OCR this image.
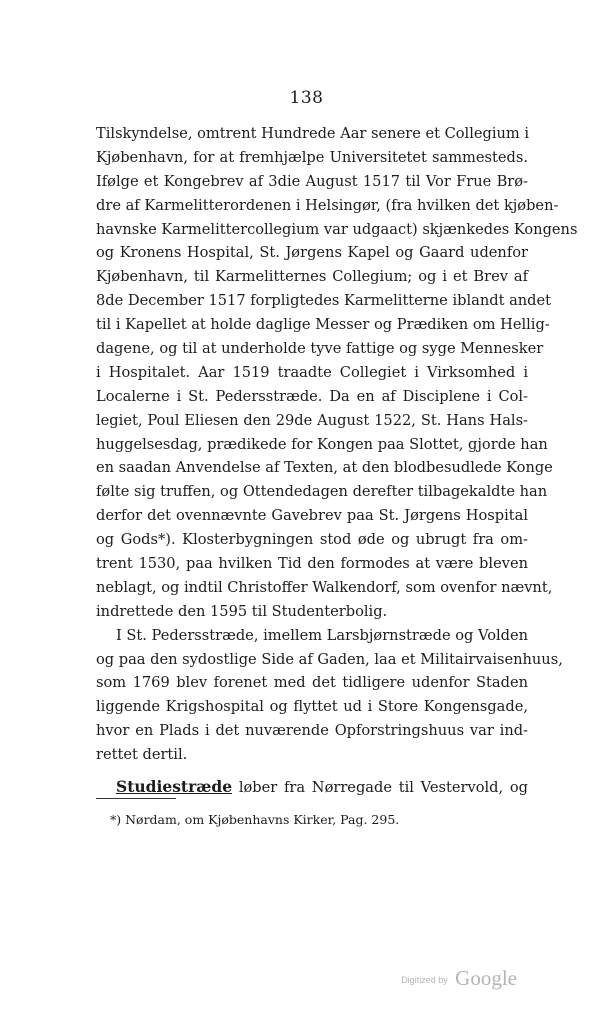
138
Tilskyndelse, omtrent Hundrede Aar senere et Collegium i
Kjøbenhavn, for at fremhjælpe Universitetet sammesteds.
Ifølge et Kongebrev af 3die August 1517 til Vor Frue Brø-
dre af Karmelitterordenen i Helsingør, (fra hvilken det kjøben-
havnske Karmelittercollegium var udgaact) skjænkedes Kongens
og Kronens Hospital, St. Jørgens Kapel og Gaard udenfor
Kjøbenhavn, til Karmelitternes Collegium; og i et Brev af
8de December 1517 forpligtedes Karmelitterne iblandt andet
til i Kapellet at holde daglige Messer og Prædiken om Hellig-
dagene, og til at underholde tyve fattige og syge Mennesker
i Hospitalet. Aar 1519 traadte Collegiet i Virksomhed i
Localerne i St. Pedersstræde. Da en af Disciplene i Col-
legiet, Poul Eliesen den 29de August 1522, St. Hans Hals-
huggelsesdag, prædikede for Kongen paa Slottet, gjorde han
en saadan Anvendelse af Texten, at den blodbesudlede Konge
følte sig truffen, og Ottendedagen derefter tilbagekaldte han
derfor det ovennævnte Gavebrev paa St. Jørgens Hospital
og Gods*). Klosterbygningen stod øde og ubrugt fra om-
trent 1530, paa hvilken Tid den formodes at være bleven
neblagt, og indtil Christoffer Walkendorf, som ovenfor nævnt,
indrettede den 1595 til Studenterbolig.
I St. Pedersstræde, imellem Larsbjørnstræde og Volden
og paa den sydostlige Side af Gaden, laa et Militairvaisenhuus,
som 1769 blev forenet med det tidligere udenfor Staden
liggende Krigshospital og flyttet ud i Store Kongensgade,
hvor en Plads i det nuværende Opforstringshuus var ind-
rettet dertil.
Studiestræde løber fra Nørregade til Vestervold, og
*) Nørdam, om Kjøbenhavns Kirker, Pag. 295.
Digitized by Google
